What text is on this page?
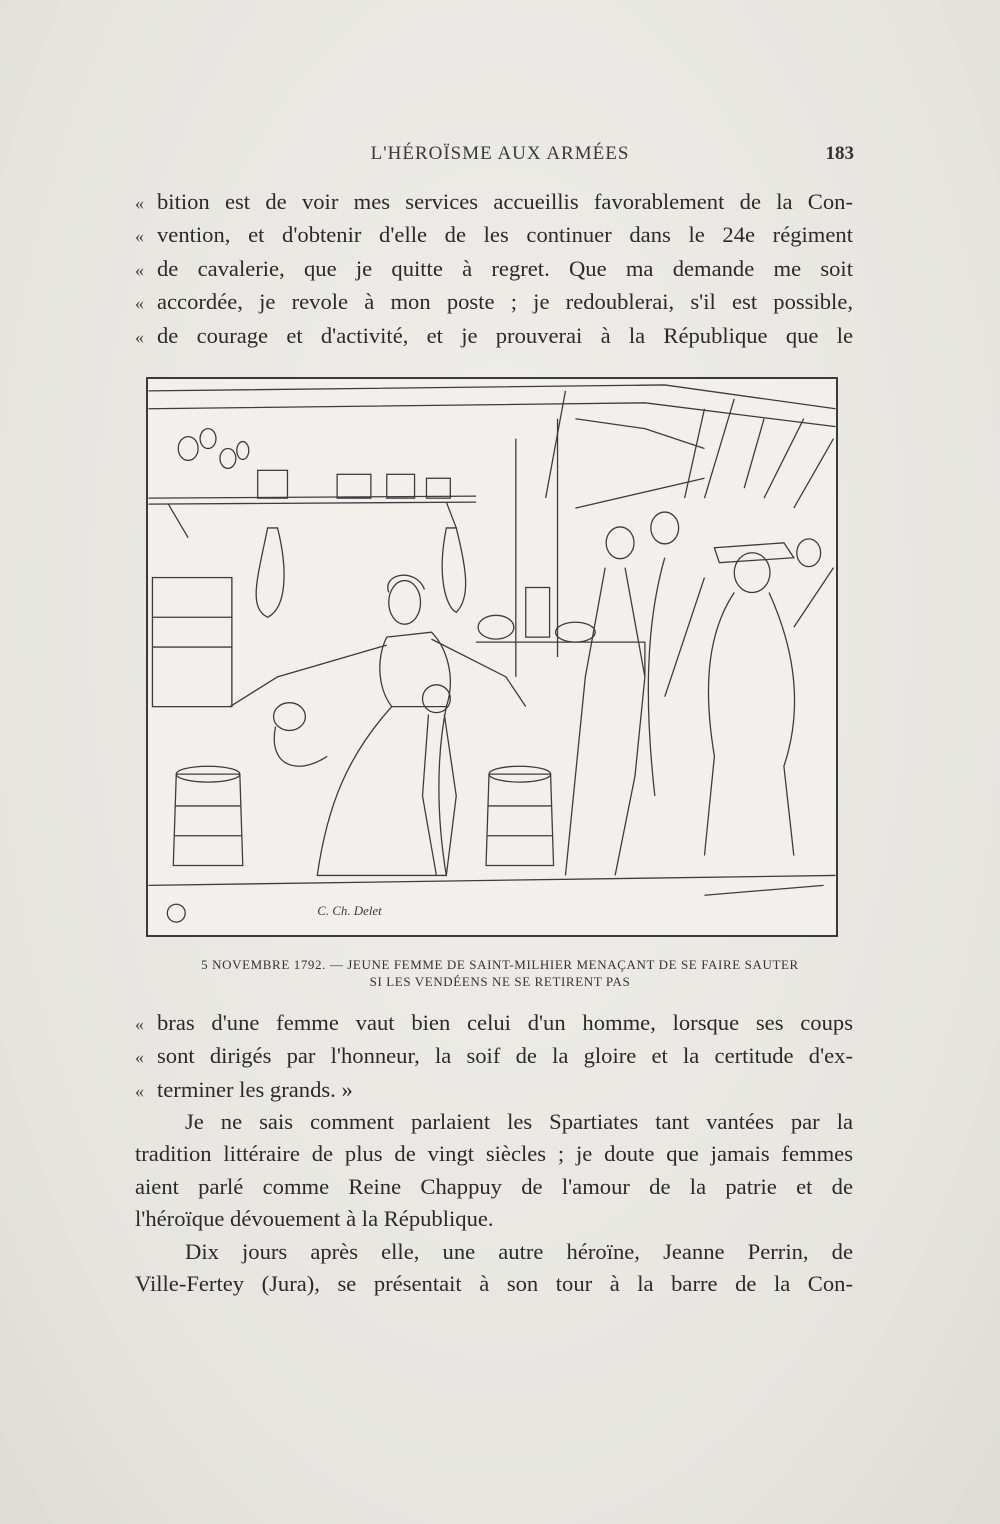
L'HÉROÏSME AUX ARMÉES	183
« bition est de voir mes services accueillis favorablement de la Con-
« vention, et d'obtenir d'elle de les continuer dans le 24e régiment
« de cavalerie, que je quitte à regret. Que ma demande me soit
« accordée, je revole à mon poste ; je redoublerai, s'il est possible,
« de courage et d'activité, et je prouverai à la République que le
C. Ch. Delet
5 NOVEMBRE 1792. — JEUNE FEMME DE SAINT-MILHIER MENAÇANT DE SE FAIRE SAUTER
SI LES VENDÉENS NE SE RETIRENT PAS
« bras d'une femme vaut bien celui d'un homme, lorsque ses coups
« sont dirigés par l'honneur, la soif de la gloire et la certitude d'ex-
« terminer les grands. »
Je ne sais comment parlaient les Spartiates tant vantées par la
tradition littéraire de plus de vingt siècles ; je doute que jamais femmes
aient parlé comme Reine Chappuy de l'amour de la patrie et de
l'héroïque dévouement à la République.
Dix jours après elle, une autre héroïne, Jeanne Perrin, de
Ville-Fertey (Jura), se présentait à son tour à la barre de la Con-
